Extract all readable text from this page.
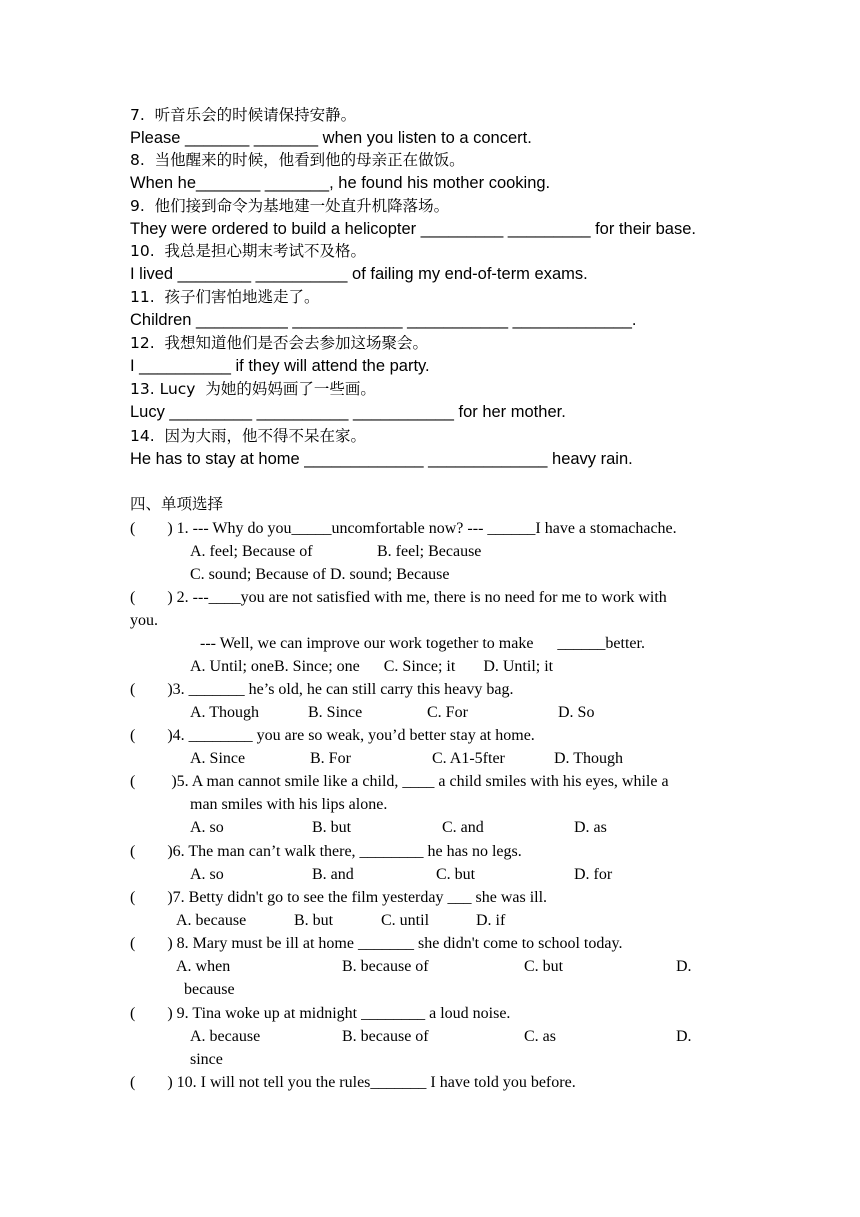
7.  听音乐会的时候请保持安静。
Please _______ _______ when you listen to a concert.
8.  当他醒来的时候，他看到他的母亲正在做饭。
When he_______ _______, he found his mother cooking.
9.  他们接到命令为基地建一处直升机降落场。
They were ordered to build a helicopter _________ _________ for their base.
10.  我总是担心期末考试不及格。
I lived ________ __________ of failing my end-of-term exams.
11.  孩子们害怕地逃走了。
Children __________ ____________ ___________ _____________.
12.  我想知道他们是否会去参加这场聚会。
I __________ if they will attend the party.
13. Lucy  为她的妈妈画了一些画。
Lucy _________ __________ ___________ for her mother.
14.  因为大雨，他不得不呆在家。
He has to stay at home _____________ _____________ heavy rain.
四、单项选择
(        ) 1. --- Why do you_____uncomfortable now? --- ______I have a stomachache.
A. feel; Because of	B. feel; Because
C. sound; Because of D. sound; Because
(        ) 2. ---____you are not satisfied with me, there is no need for me to work with
you.
--- Well, we can improve our work together to make      ______better.
A. Until; oneB. Since; one      C. Since; it       D. Until; it
(        )3. _______ he’s old, he can still carry this heavy bag.
A. Though	B. Since	C. For	D. So
(        )4. ________ you are so weak, you’d better stay at home.
A. Since	B. For	C. A1-5fter	D. Though
(         )5. A man cannot smile like a child, ____ a child smiles with his eyes, while a
man smiles with his lips alone.
A. so	B. but	C. and	D. as
(        )6. The man can’t walk there, ________ he has no legs.
A. so	B. and	C. but	D. for
(        )7. Betty didn't go to see the film yesterday ___ she was ill.
A. because	B. but	C. until	D. if
(        ) 8. Mary must be ill at home _______ she didn't come to school today.
A. when	B. because of	C. but	D.
because
(        ) 9. Tina woke up at midnight ________ a loud noise.
A. because	B. because of	C. as	D.
since
(        ) 10. I will not tell you the rules_______ I have told you before.
